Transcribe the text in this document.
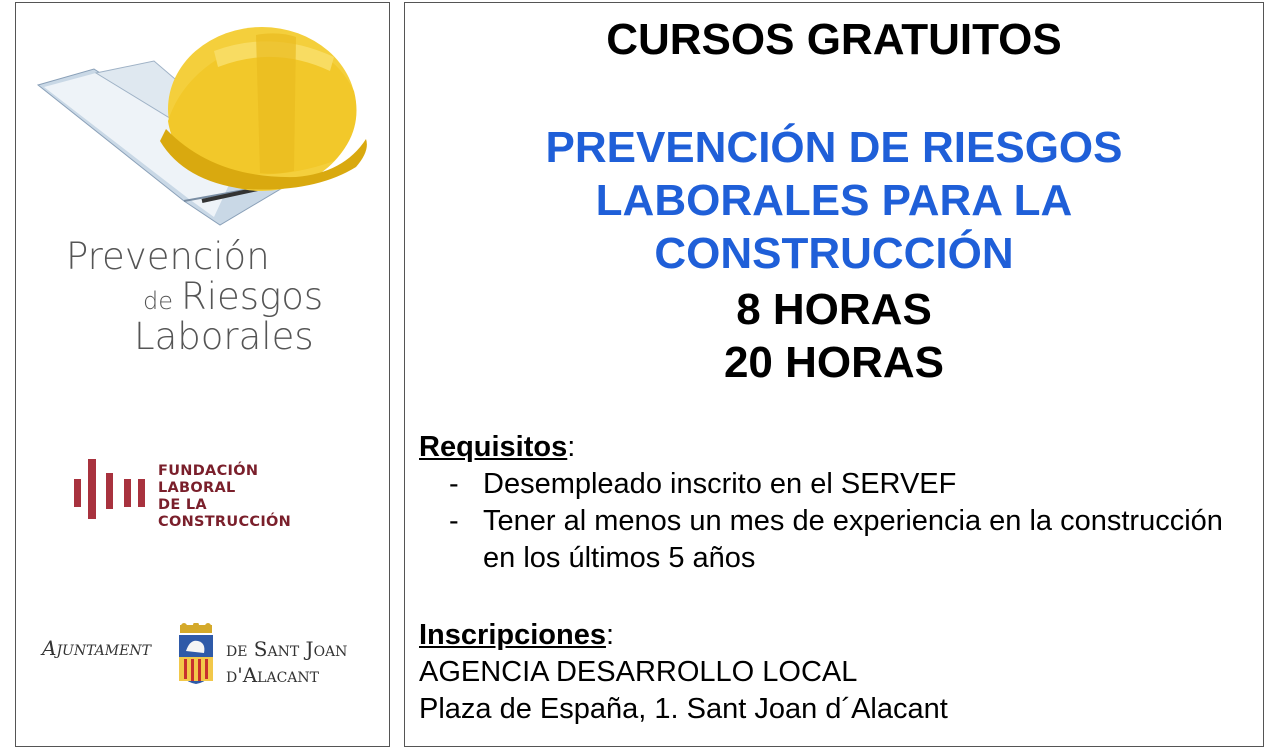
Prevención
de Riesgos
Laborales
FUNDACIÓN
LABORAL
DE LA CONSTRUCCIÓN
Ajuntament	de Sant Joan
d'Alacant
CURSOS GRATUITOS
PREVENCIÓN DE RIESGOS
LABORALES PARA LA
CONSTRUCCIÓN
8 HORAS
20 HORAS
Requisitos:
- Desempleado inscrito en el SERVEF
- Tener al menos un mes de experiencia en la construcción en los últimos 5 años
Inscripciones:
AGENCIA DESARROLLO LOCAL
Plaza de España, 1. Sant Joan d´Alacant
